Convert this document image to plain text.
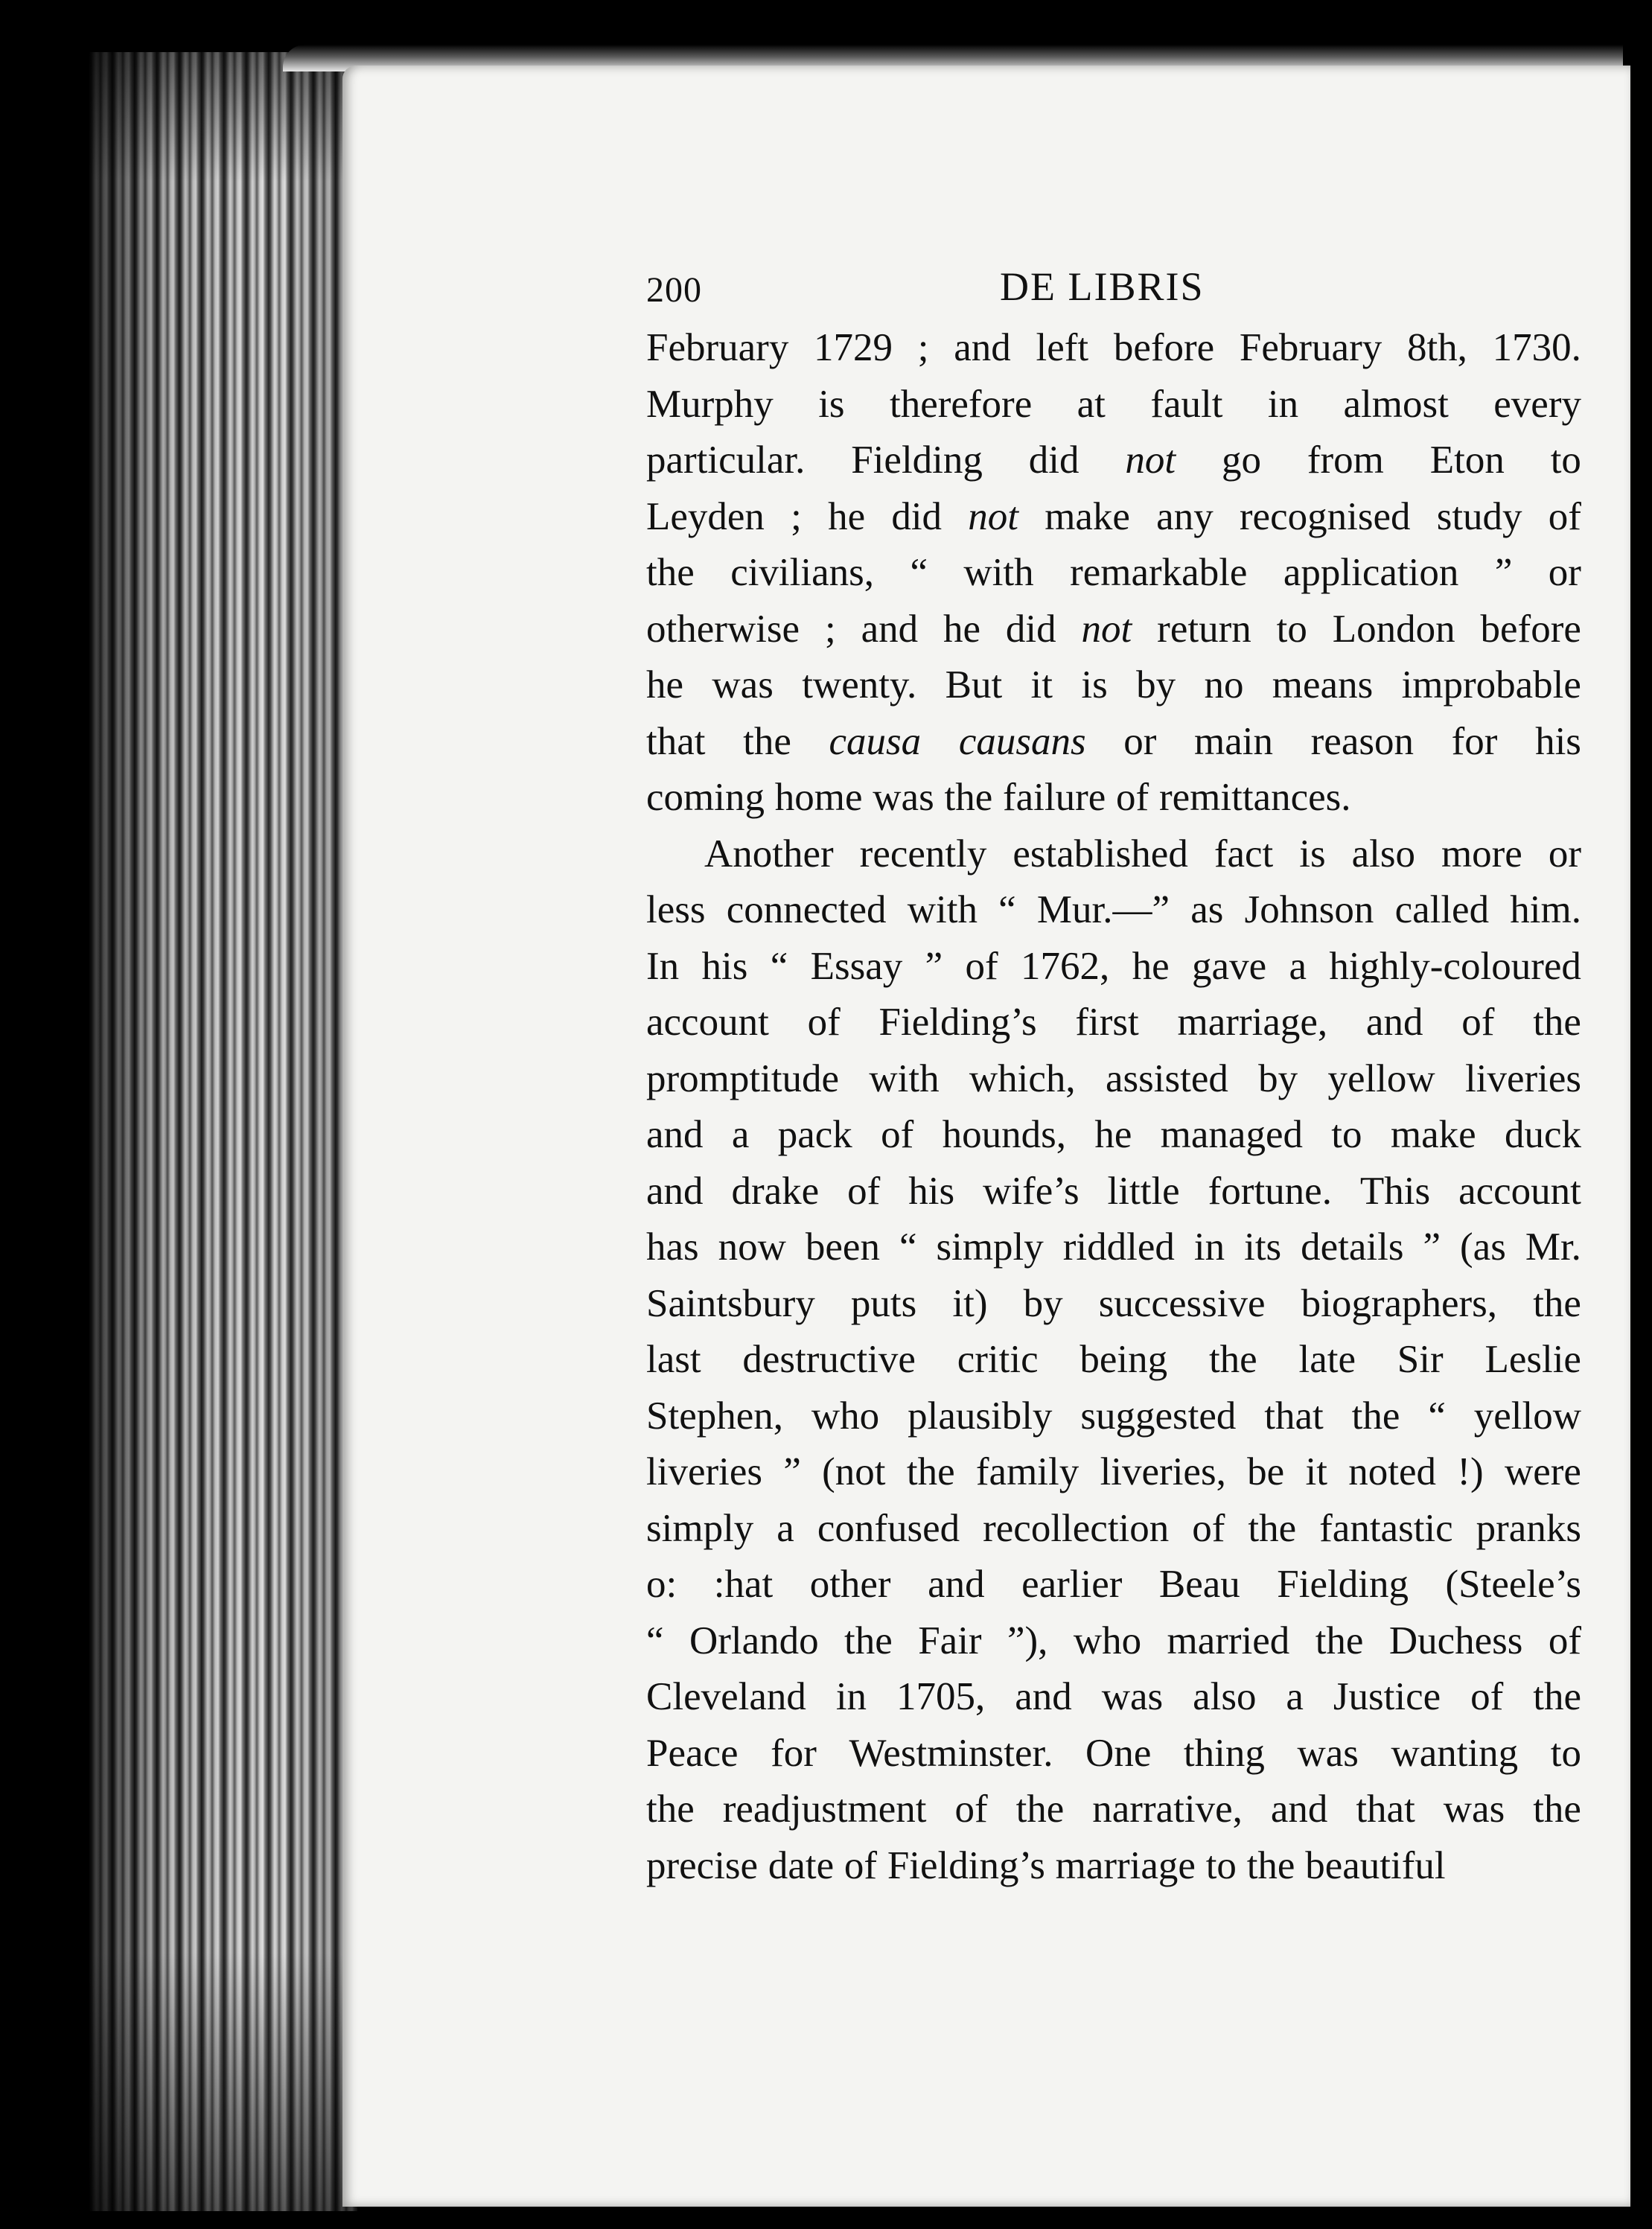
200	DE LIBRIS
February 1729 ; and left before February 8th, 1730.
Murphy is therefore at fault in almost every
particular. Fielding did not go from Eton to
Leyden ; he did not make any recognised study of
the civilians, “ with remarkable application ” or
otherwise ; and he did not return to London before
he was twenty. But it is by no means improbable
that the causa causans or main reason for his
coming home was the failure of remittances.
Another recently established fact is also more or
less connected with “ Mur.—” as Johnson called him.
In his “ Essay ” of 1762, he gave a highly-coloured
account of Fielding’s first marriage, and of the
promptitude with which, assisted by yellow liveries
and a pack of hounds, he managed to make duck
and drake of his wife’s little fortune. This account
has now been “ simply riddled in its details ” (as Mr.
Saintsbury puts it) by successive biographers, the
last destructive critic being the late Sir Leslie
Stephen, who plausibly suggested that the “ yellow
liveries ” (not the family liveries, be it noted !) were
simply a confused recollection of the fantastic pranks
o: :hat other and earlier Beau Fielding (Steele’s
“ Orlando the Fair ”), who married the Duchess of
Cleveland in 1705, and was also a Justice of the
Peace for Westminster. One thing was wanting to
the readjustment of the narrative, and that was the
precise date of Fielding’s marriage to the beautiful
